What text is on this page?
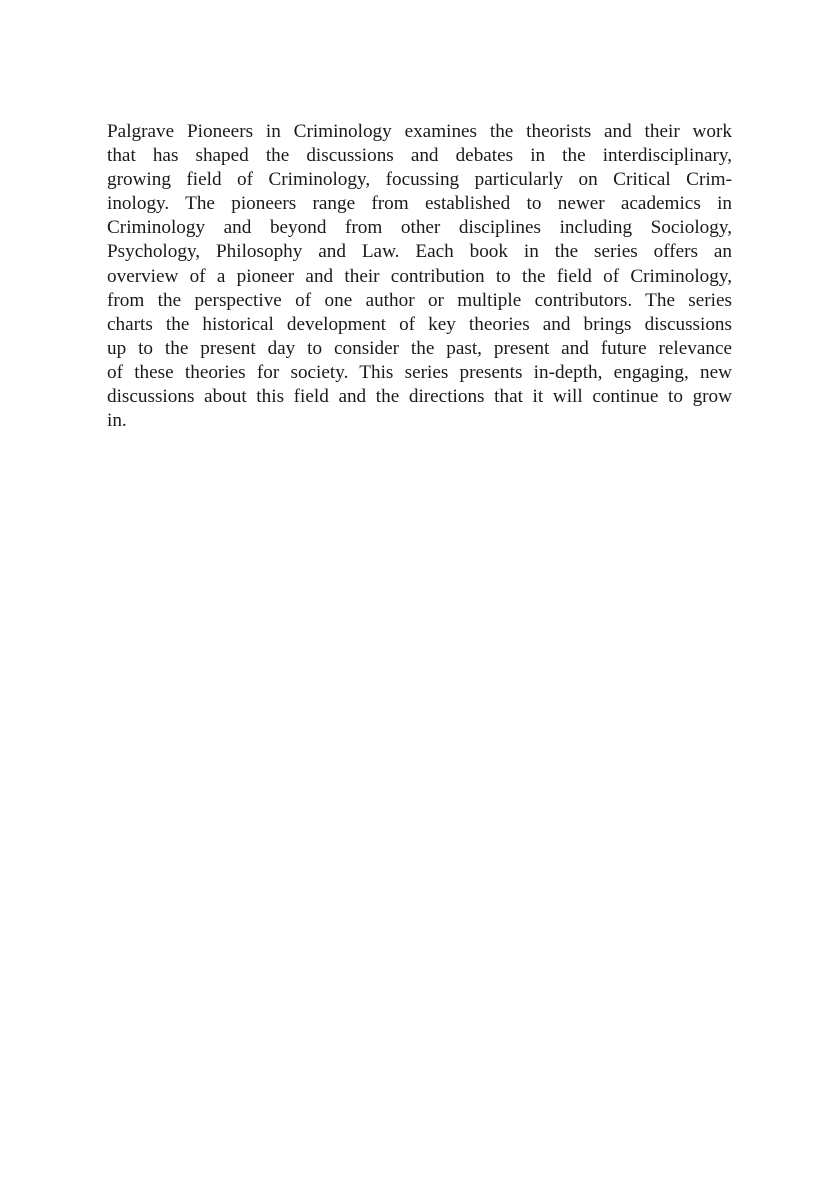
Palgrave Pioneers in Criminology examines the theorists and their work
that has shaped the discussions and debates in the interdisciplinary,
growing field of Criminology, focussing particularly on Critical Crim-
inology. The pioneers range from established to newer academics in
Criminology and beyond from other disciplines including Sociology,
Psychology, Philosophy and Law. Each book in the series offers an
overview of a pioneer and their contribution to the field of Criminology,
from the perspective of one author or multiple contributors. The series
charts the historical development of key theories and brings discussions
up to the present day to consider the past, present and future relevance
of these theories for society. This series presents in-depth, engaging, new
discussions about this field and the directions that it will continue to grow
in.
